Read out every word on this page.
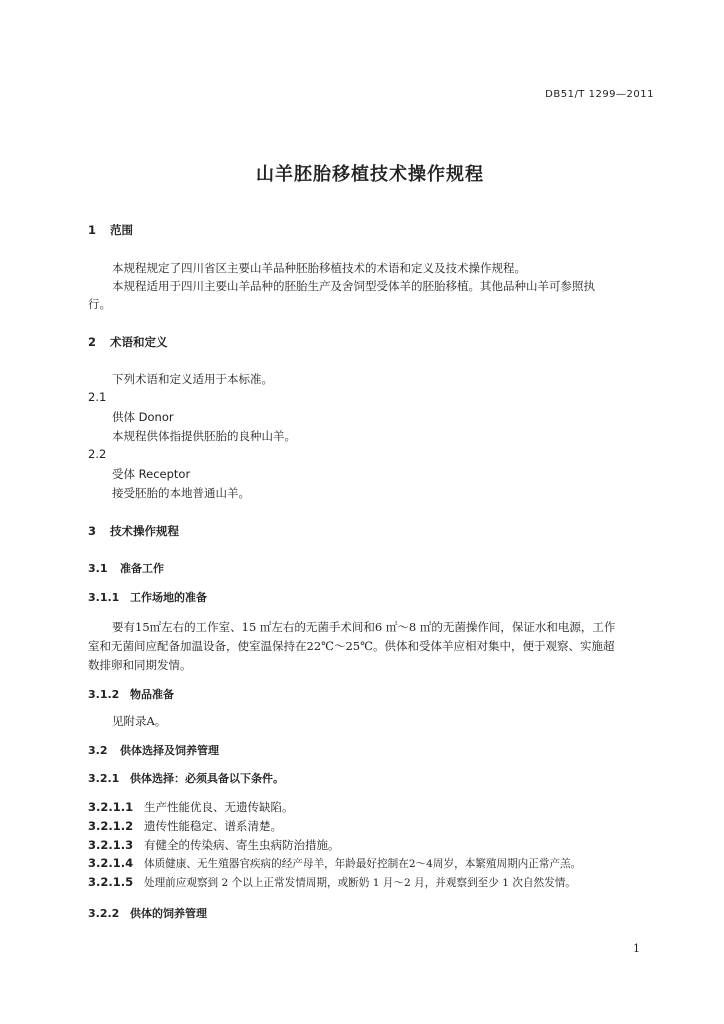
DB51/T 1299—2011
山羊胚胎移植技术操作规程
1 范围
本规程规定了四川省区主要山羊品种胚胎移植技术的术语和定义及技术操作规程。
本规程适用于四川主要山羊品种的胚胎生产及舍饲型受体羊的胚胎移植。其他品种山羊可参照执
行。
2 术语和定义
下列术语和定义适用于本标准。
2.1
供体 Donor
本规程供体指提供胚胎的良种山羊。
2.2
受体 Receptor
接受胚胎的本地普通山羊。
3 技术操作规程
3.1 准备工作
3.1.1 工作场地的准备
要有15㎡左右的工作室、15 ㎡左右的无菌手术间和6 ㎡～8 ㎡的无菌操作间，保证水和电源，工作
室和无菌间应配备加温设备，使室温保持在22℃～25℃。供体和受体羊应相对集中，便于观察、实施超
数排卵和同期发情。
3.1.2 物品准备
见附录A。
3.2 供体选择及饲养管理
3.2.1 供体选择：必须具备以下条件。
3.2.1.1 生产性能优良、无遗传缺陷。
3.2.1.2 遗传性能稳定、谱系清楚。
3.2.1.3 有健全的传染病、寄生虫病防治措施。
3.2.1.4 体质健康、无生殖器官疾病的经产母羊，年龄最好控制在2～4周岁，本繁殖周期内正常产羔。
3.2.1.5 处理前应观察到 2 个以上正常发情周期，或断奶 1 月～2 月，并观察到至少 1 次自然发情。
3.2.2 供体的饲养管理
1
